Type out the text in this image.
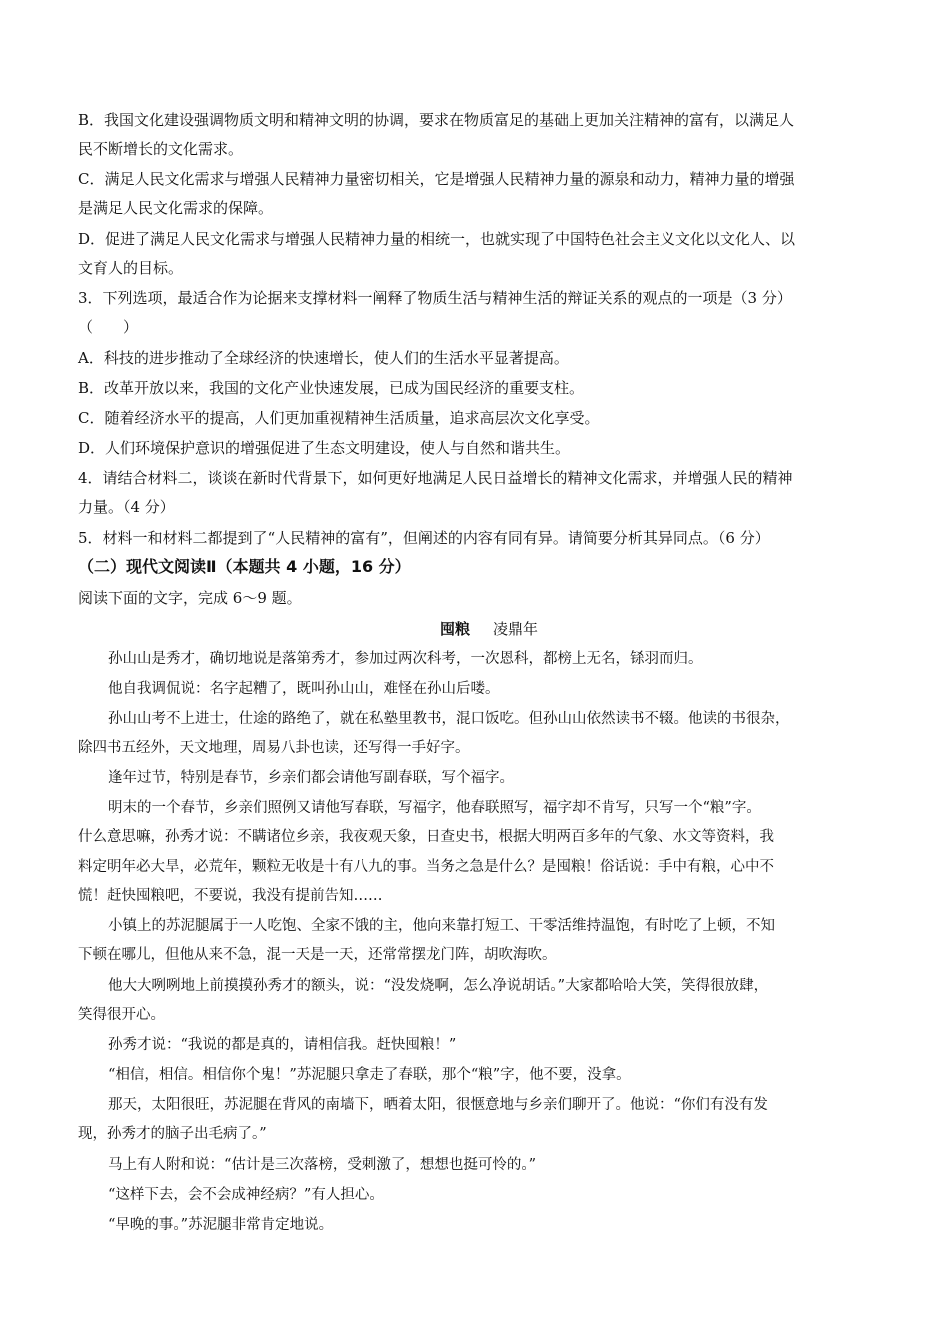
B．我国文化建设强调物质文明和精神文明的协调，要求在物质富足的基础上更加关注精神的富有，以满足人
民不断增长的文化需求。
C．满足人民文化需求与增强人民精神力量密切相关，它是增强人民精神力量的源泉和动力，精神力量的增强
是满足人民文化需求的保障。
D．促进了满足人民文化需求与增强人民精神力量的相统一，也就实现了中国特色社会主义文化以文化人、以
文育人的目标。
3．下列选项，最适合作为论据来支撑材料一阐释了物质生活与精神生活的辩证关系的观点的一项是（3 分）
（　　）
A．科技的进步推动了全球经济的快速增长，使人们的生活水平显著提高。
B．改革开放以来，我国的文化产业快速发展，已成为国民经济的重要支柱。
C．随着经济水平的提高，人们更加重视精神生活质量，追求高层次文化享受。
D．人们环境保护意识的增强促进了生态文明建设，使人与自然和谐共生。
4．请结合材料二，谈谈在新时代背景下，如何更好地满足人民日益增长的精神文化需求，并增强人民的精神
力量。（4 分）
5．材料一和材料二都提到了“人民精神的富有”，但阐述的内容有同有异。请简要分析其异同点。（6 分）
（二）现代文阅读Ⅱ（本题共 4 小题，16 分）
阅读下面的文字，完成 6～9 题。
囤粮 凌鼎年
孙山山是秀才，确切地说是落第秀才，参加过两次科考，一次恩科，都榜上无名，铩羽而归。
他自我调侃说：名字起糟了，既叫孙山山，难怪在孙山后喽。
孙山山考不上进士，仕途的路绝了，就在私塾里教书，混口饭吃。但孙山山依然读书不辍。他读的书很杂，
除四书五经外，天文地理，周易八卦也读，还写得一手好字。
逢年过节，特别是春节，乡亲们都会请他写副春联，写个福字。
明末的一个春节，乡亲们照例又请他写春联，写福字，他春联照写，福字却不肯写，只写一个“粮”字。
什么意思嘛，孙秀才说：不瞒诸位乡亲，我夜观天象，日查史书，根据大明两百多年的气象、水文等资料，我
料定明年必大旱，必荒年，颗粒无收是十有八九的事。当务之急是什么？是囤粮！俗话说：手中有粮，心中不
慌！赶快囤粮吧，不要说，我没有提前告知……
小镇上的苏泥腿属于一人吃饱、全家不饿的主，他向来靠打短工、干零活维持温饱，有时吃了上顿，不知
下顿在哪儿，但他从来不急，混一天是一天，还常常摆龙门阵，胡吹海吹。
他大大咧咧地上前摸摸孙秀才的额头，说：“没发烧啊，怎么净说胡话。”大家都哈哈大笑，笑得很放肆，
笑得很开心。
孙秀才说：“我说的都是真的，请相信我。赶快囤粮！”
“相信，相信。相信你个鬼！”苏泥腿只拿走了春联，那个“粮”字，他不要，没拿。
那天，太阳很旺，苏泥腿在背风的南墙下，晒着太阳，很惬意地与乡亲们聊开了。他说：“你们有没有发
现，孙秀才的脑子出毛病了。”
马上有人附和说：“估计是三次落榜，受刺激了，想想也挺可怜的。”
“这样下去，会不会成神经病？”有人担心。
“早晚的事。”苏泥腿非常肯定地说。
